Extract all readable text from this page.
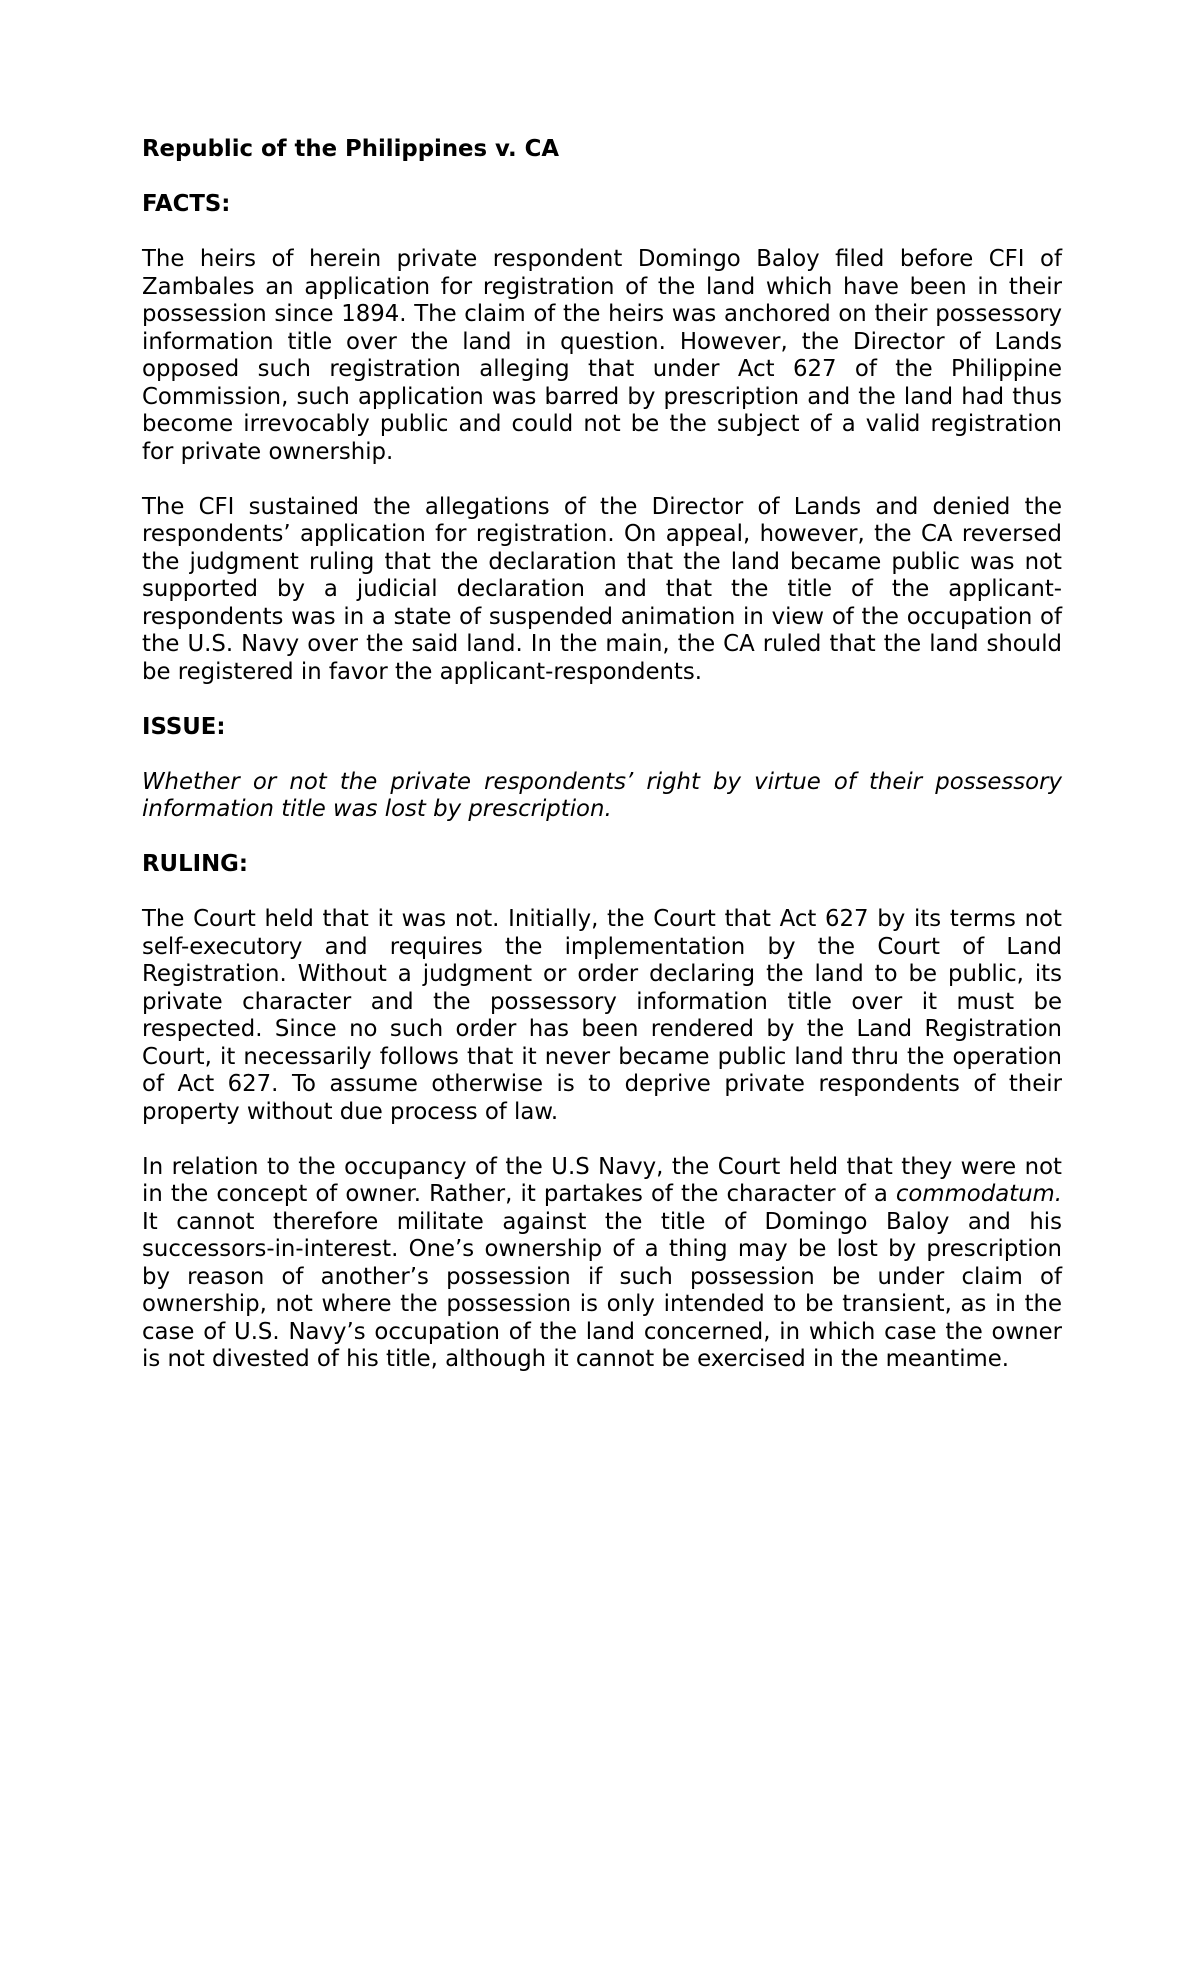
Republic of the Philippines v. CA
FACTS:
The heirs of herein private respondent Domingo Baloy filed before CFI of Zambales an application for registration of the land which have been in their possession since 1894. The claim of the heirs was anchored on their possessory information title over the land in question. However, the Director of Lands opposed such registration alleging that under Act 627 of the Philippine Commission, such application was barred by prescription and the land had thus become irrevocably public and could not be the subject of a valid registration for private ownership.
The CFI sustained the allegations of the Director of Lands and denied the respondents’ application for registration. On appeal, however, the CA reversed the judgment ruling that the declaration that the land became public was not supported by a judicial declaration and that the title of the applicant-respondents was in a state of suspended animation in view of the occupation of the U.S. Navy over the said land. In the main, the CA ruled that the land should be registered in favor the applicant-respondents.
ISSUE:
Whether or not the private respondents’ right by virtue of their possessory information title was lost by prescription.
RULING:
The Court held that it was not. Initially, the Court that Act 627 by its terms not self-executory and requires the implementation by the Court of Land Registration. Without a judgment or order declaring the land to be public, its private character and the possessory information title over it must be respected. Since no such order has been rendered by the Land Registration Court, it necessarily follows that it never became public land thru the operation of Act 627. To assume otherwise is to deprive private respondents of their property without due process of law.
In relation to the occupancy of the U.S Navy, the Court held that they were not in the concept of owner. Rather, it partakes of the character of a commodatum. It cannot therefore militate against the title of Domingo Baloy and his successors-in-interest. One’s ownership of a thing may be lost by prescription by reason of another’s possession if such possession be under claim of ownership, not where the possession is only intended to be transient, as in the case of U.S. Navy’s occupation of the land concerned, in which case the owner is not divested of his title, although it cannot be exercised in the meantime.
